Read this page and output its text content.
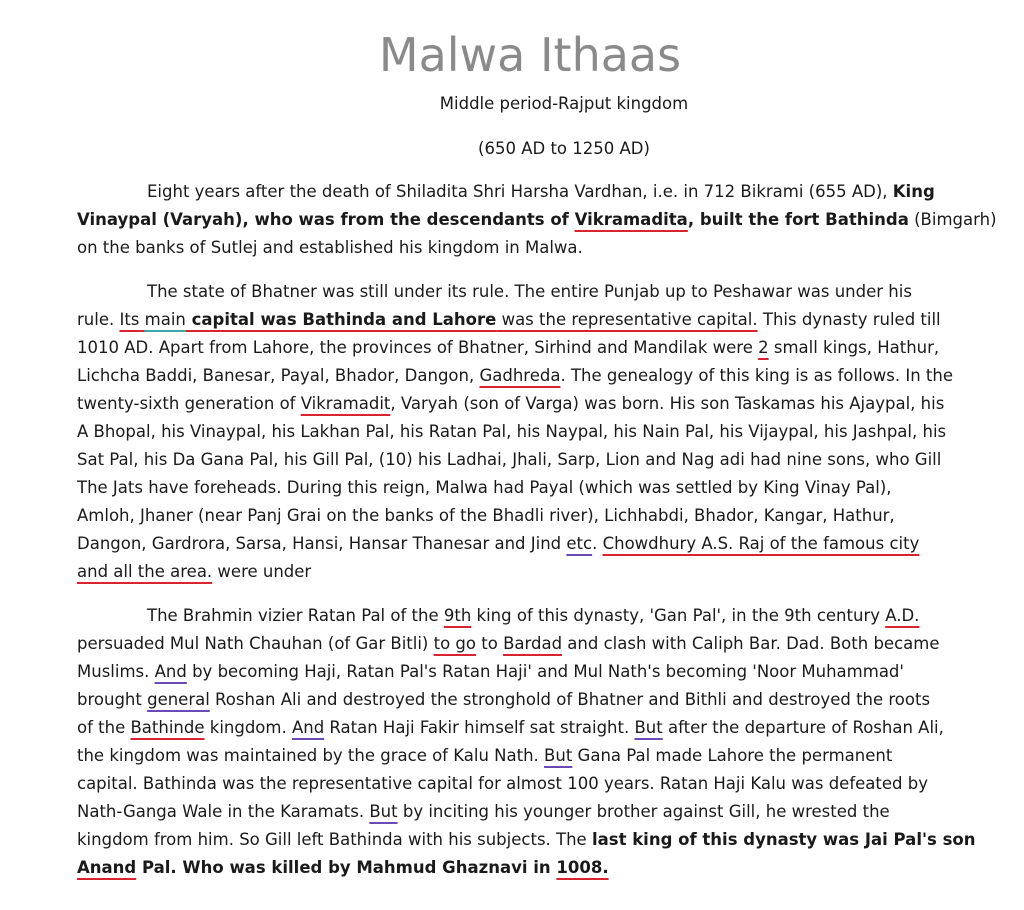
Malwa Ithaas
Middle period-Rajput kingdom
(650 AD to 1250 AD)
Eight years after the death of Shiladita Shri Harsha Vardhan, i.e. in 712 Bikrami (655 AD), King
Vinaypal (Varyah), who was from the descendants of Vikramadita, built the fort Bathinda (Bimgarh)
on the banks of Sutlej and established his kingdom in Malwa.
The state of Bhatner was still under its rule. The entire Punjab up to Peshawar was under his
rule. Its main capital was Bathinda and Lahore was the representative capital. This dynasty ruled till
1010 AD. Apart from Lahore, the provinces of Bhatner, Sirhind and Mandilak were 2 small kings, Hathur,
Lichcha Baddi, Banesar, Payal, Bhador, Dangon, Gadhreda. The genealogy of this king is as follows. In the
twenty-sixth generation of Vikramadit, Varyah (son of Varga) was born. His son Taskamas his Ajaypal, his
A Bhopal, his Vinaypal, his Lakhan Pal, his Ratan Pal, his Naypal, his Nain Pal, his Vijaypal, his Jashpal, his
Sat Pal, his Da Gana Pal, his Gill Pal, (10) his Ladhai, Jhali, Sarp, Lion and Nag adi had nine sons, who Gill
The Jats have foreheads. During this reign, Malwa had Payal (which was settled by King Vinay Pal),
Amloh, Jhaner (near Panj Grai on the banks of the Bhadli river), Lichhabdi, Bhador, Kangar, Hathur,
Dangon, Gardrora, Sarsa, Hansi, Hansar Thanesar and Jind etc. Chowdhury A.S. Raj of the famous city
and all the area. were under
The Brahmin vizier Ratan Pal of the 9th king of this dynasty, 'Gan Pal', in the 9th century A.D.
persuaded Mul Nath Chauhan (of Gar Bitli) to go to Bardad and clash with Caliph Bar. Dad. Both became
Muslims. And by becoming Haji, Ratan Pal's Ratan Haji' and Mul Nath's becoming 'Noor Muhammad'
brought general Roshan Ali and destroyed the stronghold of Bhatner and Bithli and destroyed the roots
of the Bathinde kingdom. And Ratan Haji Fakir himself sat straight. But after the departure of Roshan Ali,
the kingdom was maintained by the grace of Kalu Nath. But Gana Pal made Lahore the permanent
capital. Bathinda was the representative capital for almost 100 years. Ratan Haji Kalu was defeated by
Nath-Ganga Wale in the Karamats. But by inciting his younger brother against Gill, he wrested the
kingdom from him. So Gill left Bathinda with his subjects. The last king of this dynasty was Jai Pal's son
Anand Pal. Who was killed by Mahmud Ghaznavi in 1008.
